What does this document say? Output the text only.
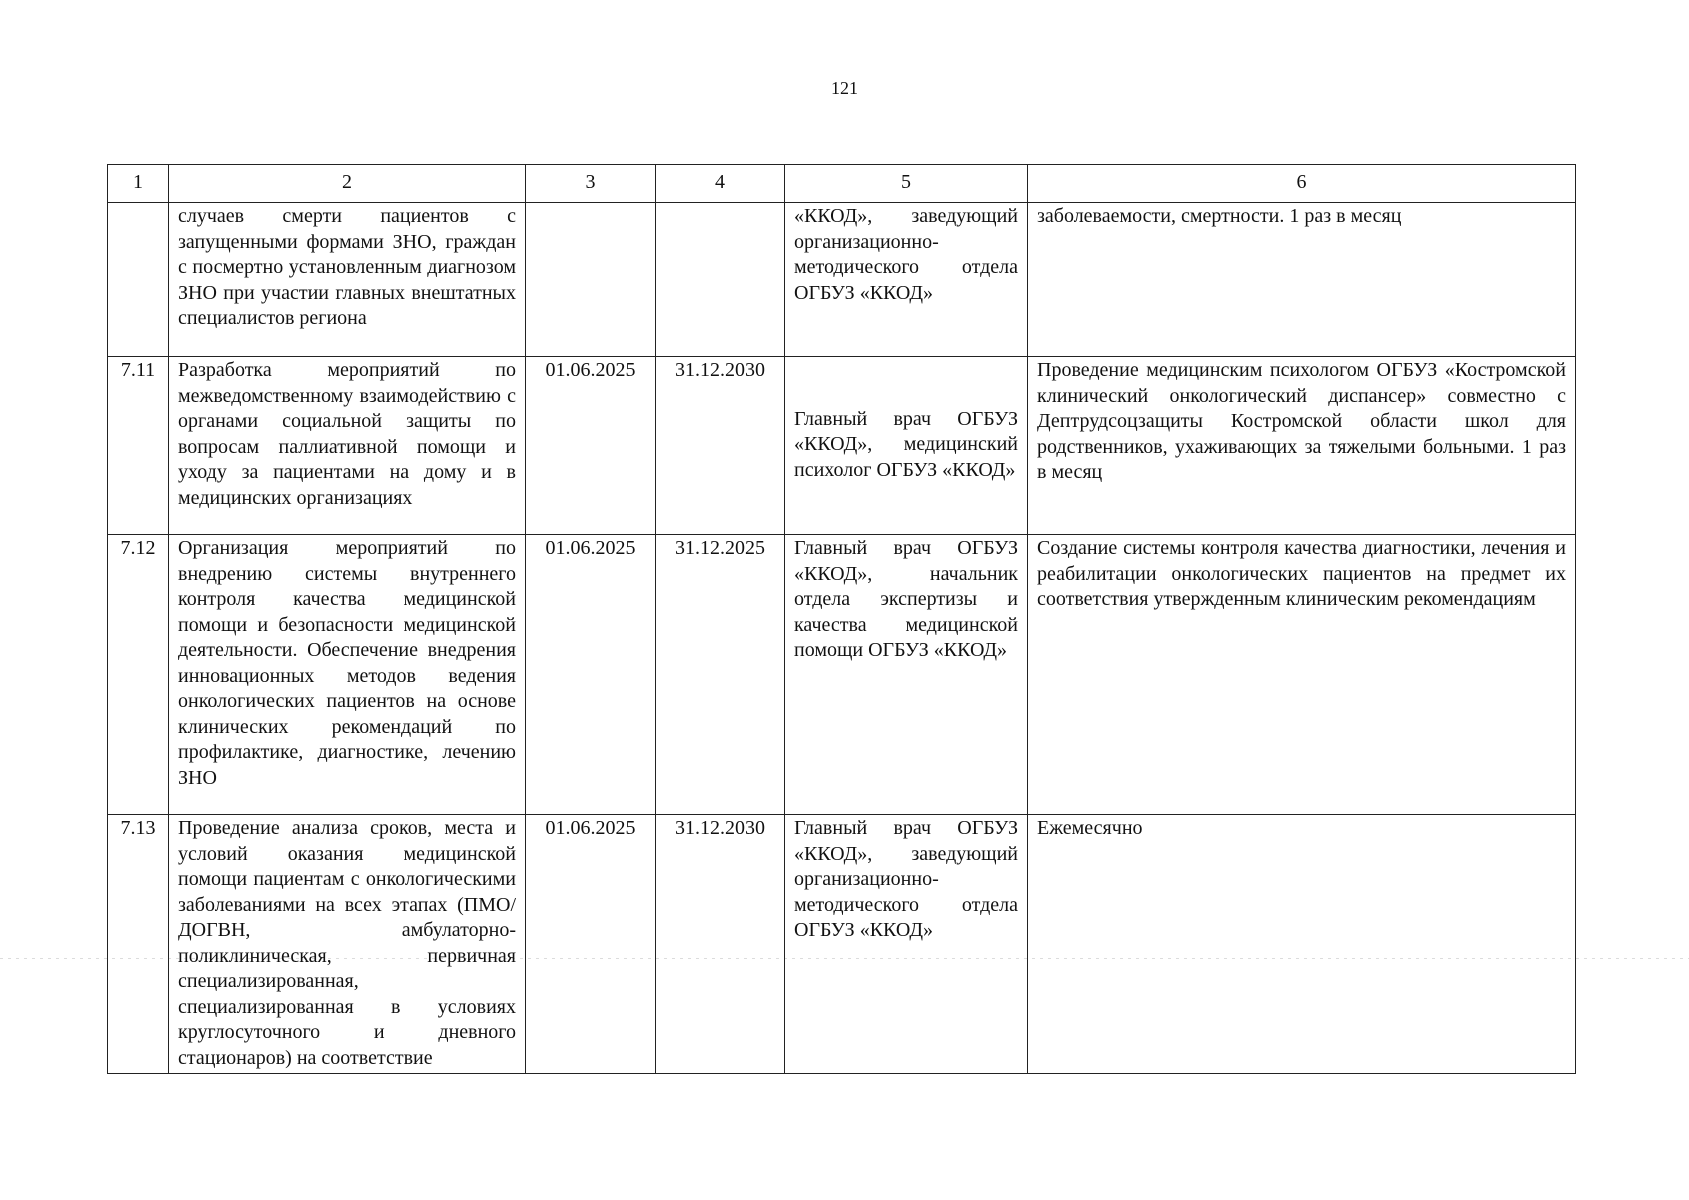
121
1	2	3	4	5	6
	случаев смерти пациентов с запущенными формами ЗНО, граждан с посмертно установленным диагнозом ЗНО при участии главных внештатных специалистов региона			«ККОД», заведующий организационно-методического отдела ОГБУЗ «ККОД»	заболеваемости, смертности. 1 раз в месяц
7.11	Разработка мероприятий по межведомственному взаимодействию с органами социальной защиты по вопросам паллиативной помощи и уходу за пациентами на дому и в медицинских организациях	01.06.2025	31.12.2030	Главный врач ОГБУЗ «ККОД», медицинский психолог ОГБУЗ «ККОД»	Проведение медицинским психологом ОГБУЗ «Костромской клинический онкологический диспансер» совместно с Дептрудсоцзащиты Костромской области школ для родственников, ухаживающих за тяжелыми больными. 1 раз в месяц
7.12	Организация мероприятий по внедрению системы внутреннего контроля качества медицинской помощи и безопасности медицинской деятельности. Обеспечение внедрения инновационных методов ведения онкологических пациентов на основе клинических рекомендаций по профилактике, диагностике, лечению ЗНО	01.06.2025	31.12.2025	Главный врач ОГБУЗ «ККОД», начальник отдела экспертизы и качества медицинской помощи ОГБУЗ «ККОД»	Создание системы контроля качества диагностики, лечения и реабилитации онкологических пациентов на предмет их соответствия утвержденным клиническим рекомендациям
7.13	Проведение анализа сроков, места и условий оказания медицинской помощи пациентам с онкологическими заболеваниями на всех этапах (ПМО/ДОГВН, амбулаторно-поликлиническая, первичная специализированная, специализированная в условиях круглосуточного и дневного стационаров) на соответствие	01.06.2025	31.12.2030	Главный врач ОГБУЗ «ККОД», заведующий организационно-методического отдела ОГБУЗ «ККОД»	Ежемесячно
